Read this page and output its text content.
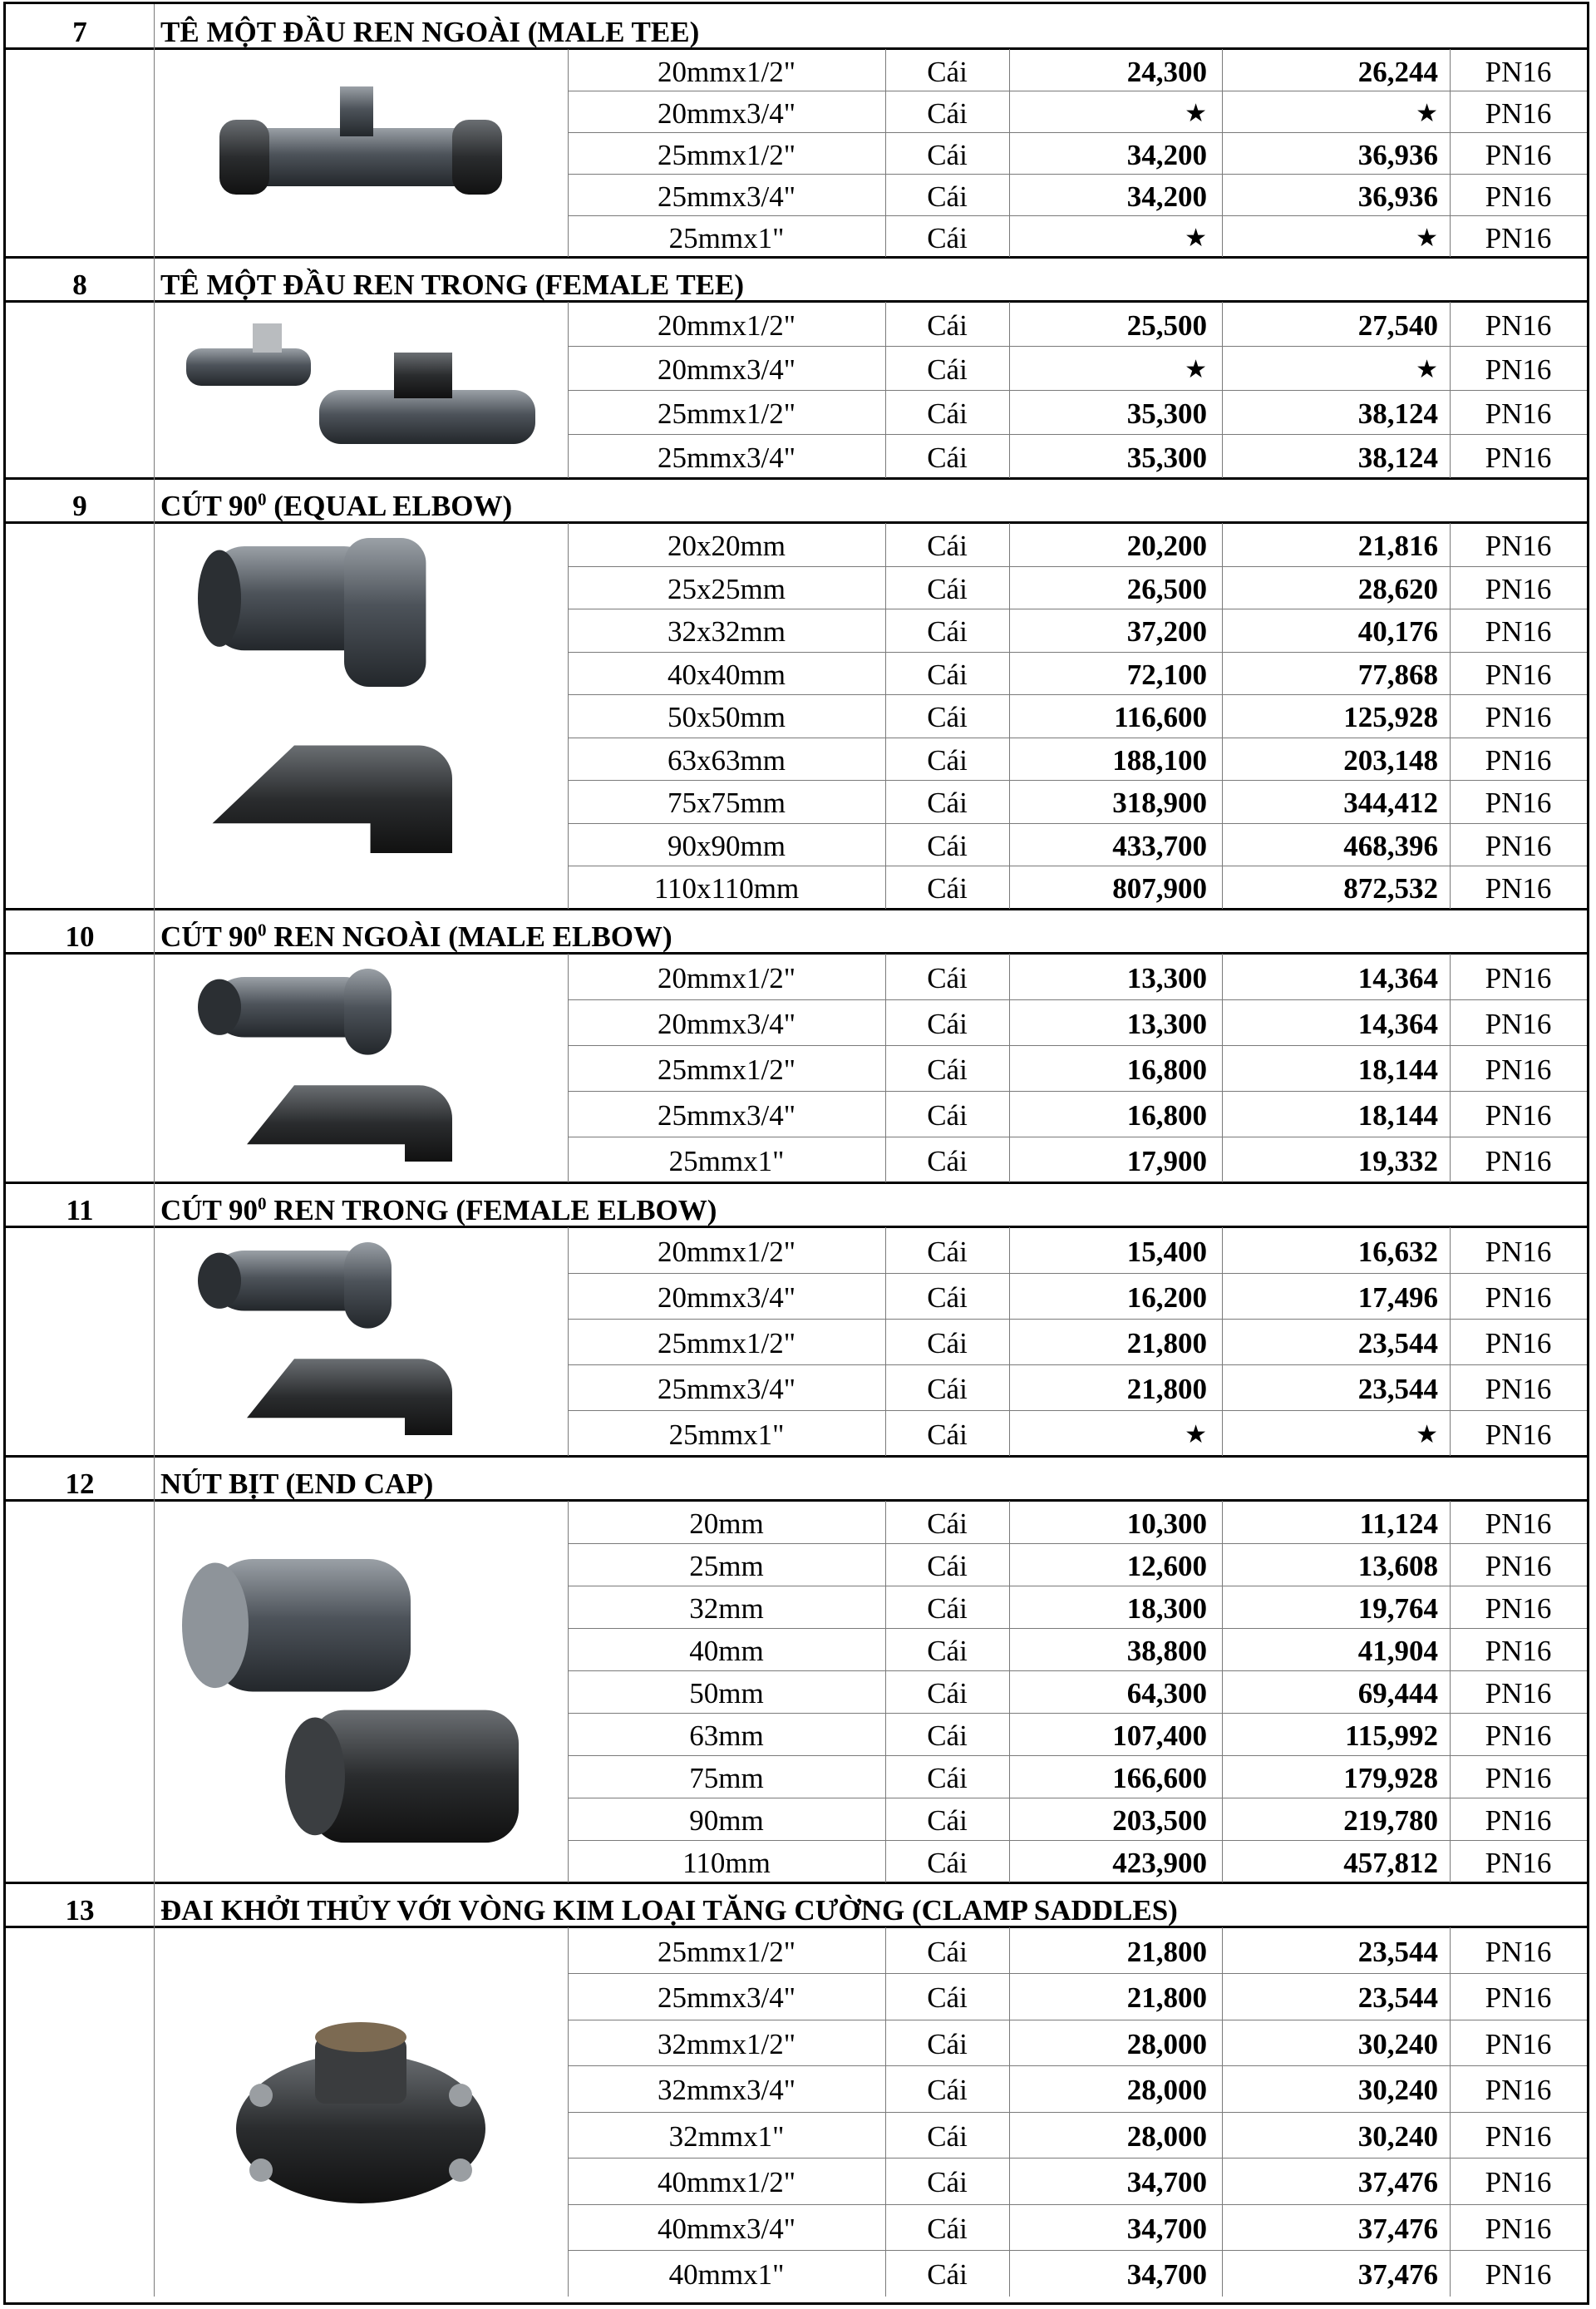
7	TÊ MỘT ĐẦU REN NGOÀI (MALE TEE)
20mmx1/2"	Cái	24,300	26,244	PN16
20mmx3/4"	Cái	★	★	PN16
25mmx1/2"	Cái	34,200	36,936	PN16
25mmx3/4"	Cái	34,200	36,936	PN16
25mmx1"	Cái	★	★	PN16
8	TÊ MỘT ĐẦU REN TRONG (FEMALE TEE)
20mmx1/2"	Cái	25,500	27,540	PN16
20mmx3/4"	Cái	★	★	PN16
25mmx1/2"	Cái	35,300	38,124	PN16
25mmx3/4"	Cái	35,300	38,124	PN16
9	CÚT $90^0$ (EQUAL ELBOW)
20x20mm	Cái	20,200	21,816	PN16
25x25mm	Cái	26,500	28,620	PN16
32x32mm	Cái	37,200	40,176	PN16
40x40mm	Cái	72,100	77,868	PN16
50x50mm	Cái	116,600	125,928	PN16
63x63mm	Cái	188,100	203,148	PN16
75x75mm	Cái	318,900	344,412	PN16
90x90mm	Cái	433,700	468,396	PN16
110x110mm	Cái	807,900	872,532	PN16
10	CÚT $90^0$ REN NGOÀI (MALE ELBOW)
20mmx1/2"	Cái	13,300	14,364	PN16
20mmx3/4"	Cái	13,300	14,364	PN16
25mmx1/2"	Cái	16,800	18,144	PN16
25mmx3/4"	Cái	16,800	18,144	PN16
25mmx1"	Cái	17,900	19,332	PN16
11	CÚT $90^0$ REN TRONG (FEMALE ELBOW)
20mmx1/2"	Cái	15,400	16,632	PN16
20mmx3/4"	Cái	16,200	17,496	PN16
25mmx1/2"	Cái	21,800	23,544	PN16
25mmx3/4"	Cái	21,800	23,544	PN16
25mmx1"	Cái	★	★	PN16
12	NÚT BỊT (END CAP)
20mm	Cái	10,300	11,124	PN16
25mm	Cái	12,600	13,608	PN16
32mm	Cái	18,300	19,764	PN16
40mm	Cái	38,800	41,904	PN16
50mm	Cái	64,300	69,444	PN16
63mm	Cái	107,400	115,992	PN16
75mm	Cái	166,600	179,928	PN16
90mm	Cái	203,500	219,780	PN16
110mm	Cái	423,900	457,812	PN16
13	ĐAI KHỞI THỦY VỚI VÒNG KIM LOẠI TĂNG CƯỜNG (CLAMP SADDLES)
25mmx1/2"	Cái	21,800	23,544	PN16
25mmx3/4"	Cái	21,800	23,544	PN16
32mmx1/2"	Cái	28,000	30,240	PN16
32mmx3/4"	Cái	28,000	30,240	PN16
32mmx1"	Cái	28,000	30,240	PN16
40mmx1/2"	Cái	34,700	37,476	PN16
40mmx3/4"	Cái	34,700	37,476	PN16
40mmx1"	Cái	34,700	37,476	PN16
